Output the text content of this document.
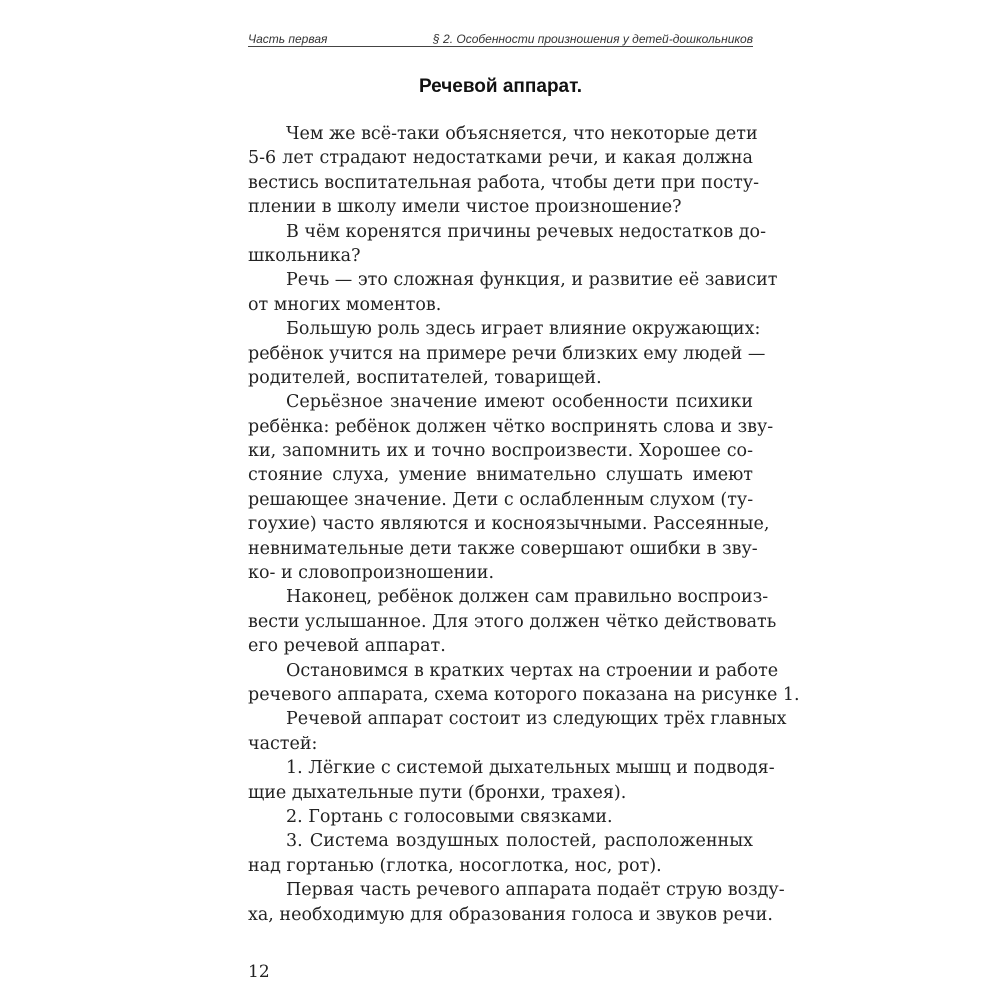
Часть первая	§ 2. Особенности произношения у детей-дошкольников
Речевой аппарат.
Чем же всё-таки объясняется, что некоторые дети
5-6 лет страдают недостатками речи, и какая должна
вестись воспитательная работа, чтобы дети при посту-
плении в школу имели чистое произношение?
В чём коренятся причины речевых недостатков до-
школьника?
Речь — это сложная функция, и развитие её зависит
от многих моментов.
Большую роль здесь играет влияние окружающих:
ребёнок учится на примере речи близких ему людей —
родителей, воспитателей, товарищей.
Серьёзное значение имеют особенности психики
ребёнка: ребёнок должен чётко воспринять слова и зву-
ки, запомнить их и точно воспроизвести. Хорошее со-
стояние слуха, умение внимательно слушать имеют
решающее значение. Дети с ослабленным слухом (ту-
гоухие) часто являются и косноязычными. Рассеянные,
невнимательные дети также совершают ошибки в зву-
ко- и словопроизношении.
Наконец, ребёнок должен сам правильно воспроиз-
вести услышанное. Для этого должен чётко действовать
его речевой аппарат.
Остановимся в кратких чертах на строении и работе
речевого аппарата, схема которого показана на рисунке 1.
Речевой аппарат состоит из следующих трёх главных
частей:
1. Лёгкие с системой дыхательных мышц и подводя-
щие дыхательные пути (бронхи, трахея).
2. Гортань с голосовыми связками.
3. Система воздушных полостей, расположенных
над гортанью (глотка, носоглотка, нос, рот).
Первая часть речевого аппарата подаёт струю возду-
ха, необходимую для образования голоса и звуков речи.
12
